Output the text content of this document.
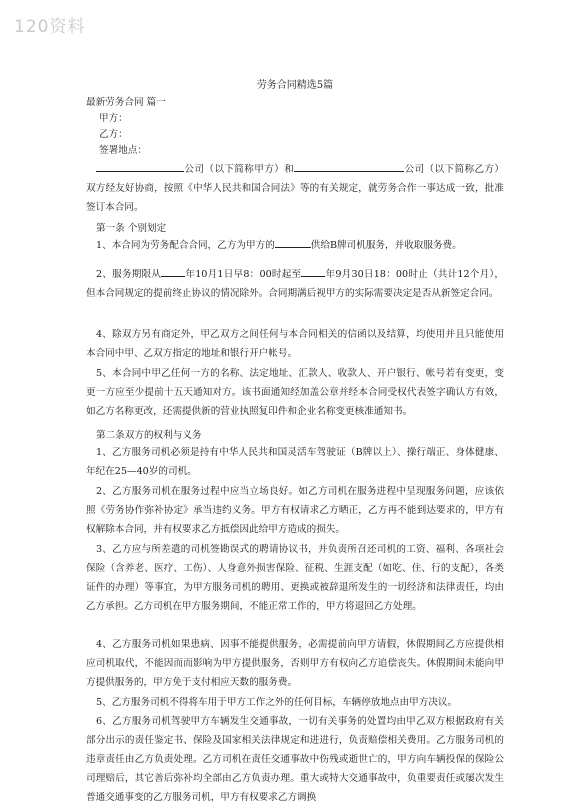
120资料
劳务合同精选5篇
最新劳务合同 篇一
甲方：
乙方：
签署地点：
公司（以下简称甲方）和	公司（以下简称乙方）双方经友好协商，按照《中华人民共和国合同法》等的有关规定，就劳务合作一事达成一致，批准签订本合同。
第一条 个别划定
1、本合同为劳务配合合同，乙方为甲方的	供给B牌司机服务，并收取服务费。
2、服务期限从	年10月1日早8：00时起至	年9月30日18：00时止（共计12个月），但本合同规定的提前终止协议的情况除外。合同期满后视甲方的实际需要决定是否从新签定合同。
4、除双方另有商定外，甲乙双方之间任何与本合同相关的信函以及结算，均使用并且只能使用本合同中甲、乙双方指定的地址和银行开户帐号。
5、本合同中甲乙任何一方的名称、法定地址、汇款人、收款人、开户银行、帐号若有变更，变更一方应至少提前十五天通知对方。该书面通知经加盖公章并经本合同受权代表签字确认方有效，如乙方名称更改，还需提供新的营业执照复印件和企业名称变更核准通知书。
第二条双方的权利与义务
1、乙方服务司机必须是持有中华人民共和国灵活车驾驶证（B牌以上）、操行端正、身体健康、年纪在25—40岁的司机。
2、乙方服务司机在服务过程中应当立场良好。如乙方司机在服务进程中呈现服务问题，应该依照《劳务协作弥补协定》承当违约义务。甲方有权请求乙方晒正，乙方再不能到达要求的，甲方有权解除本合同，并有权要求乙方抵偿因此给甲方造成的损失。
3、乙方应与所差遣的司机签勘误式的聘请协议书，并负责所召还司机的工资、福利、各项社会保险（含养老、医疗、工伤）、人身意外损害保险、征税、生涯支配（如吃、住、行的支配），各类证件的办理）等事宜，为甲方服务司机的聘用、更换或被辞退所发生的一切经济和法律责任，均由乙方承担。乙方司机在甲方服务期间，不能正常工作的，甲方将退回乙方处理。
4、乙方服务司机如果患病、因事不能提供服务，必需提前向甲方请假，休假期间乙方应提供相应司机取代，不能因而而影响为甲方提供服务，否则甲方有权向乙方追偿丧失。休假期间未能向甲方提供服务的，甲方免于支付相应天数的服务费。
5、乙方服务司机不得将车用于甲方工作之外的任何目标，车辆停放地点由甲方决议。
6、乙方服务司机驾驶甲方车辆发生交通事故，一切有关事务的处置均由甲乙双方根据政府有关部分出示的责任鉴定书、保险及国家相关法律规定和进进行，负责赔偿相关费用。乙方服务司机的违章责任由乙方负责处理。乙方司机在责任交通事故中伤残或逝世亡的，甲方向车辆投保的保险公司理赔后，其它善后弥补均全部由乙方负责办理。重大或特大交通事故中，负重要责任或屡次发生普通交通事变的乙方服务司机，甲方有权要求乙方调换
